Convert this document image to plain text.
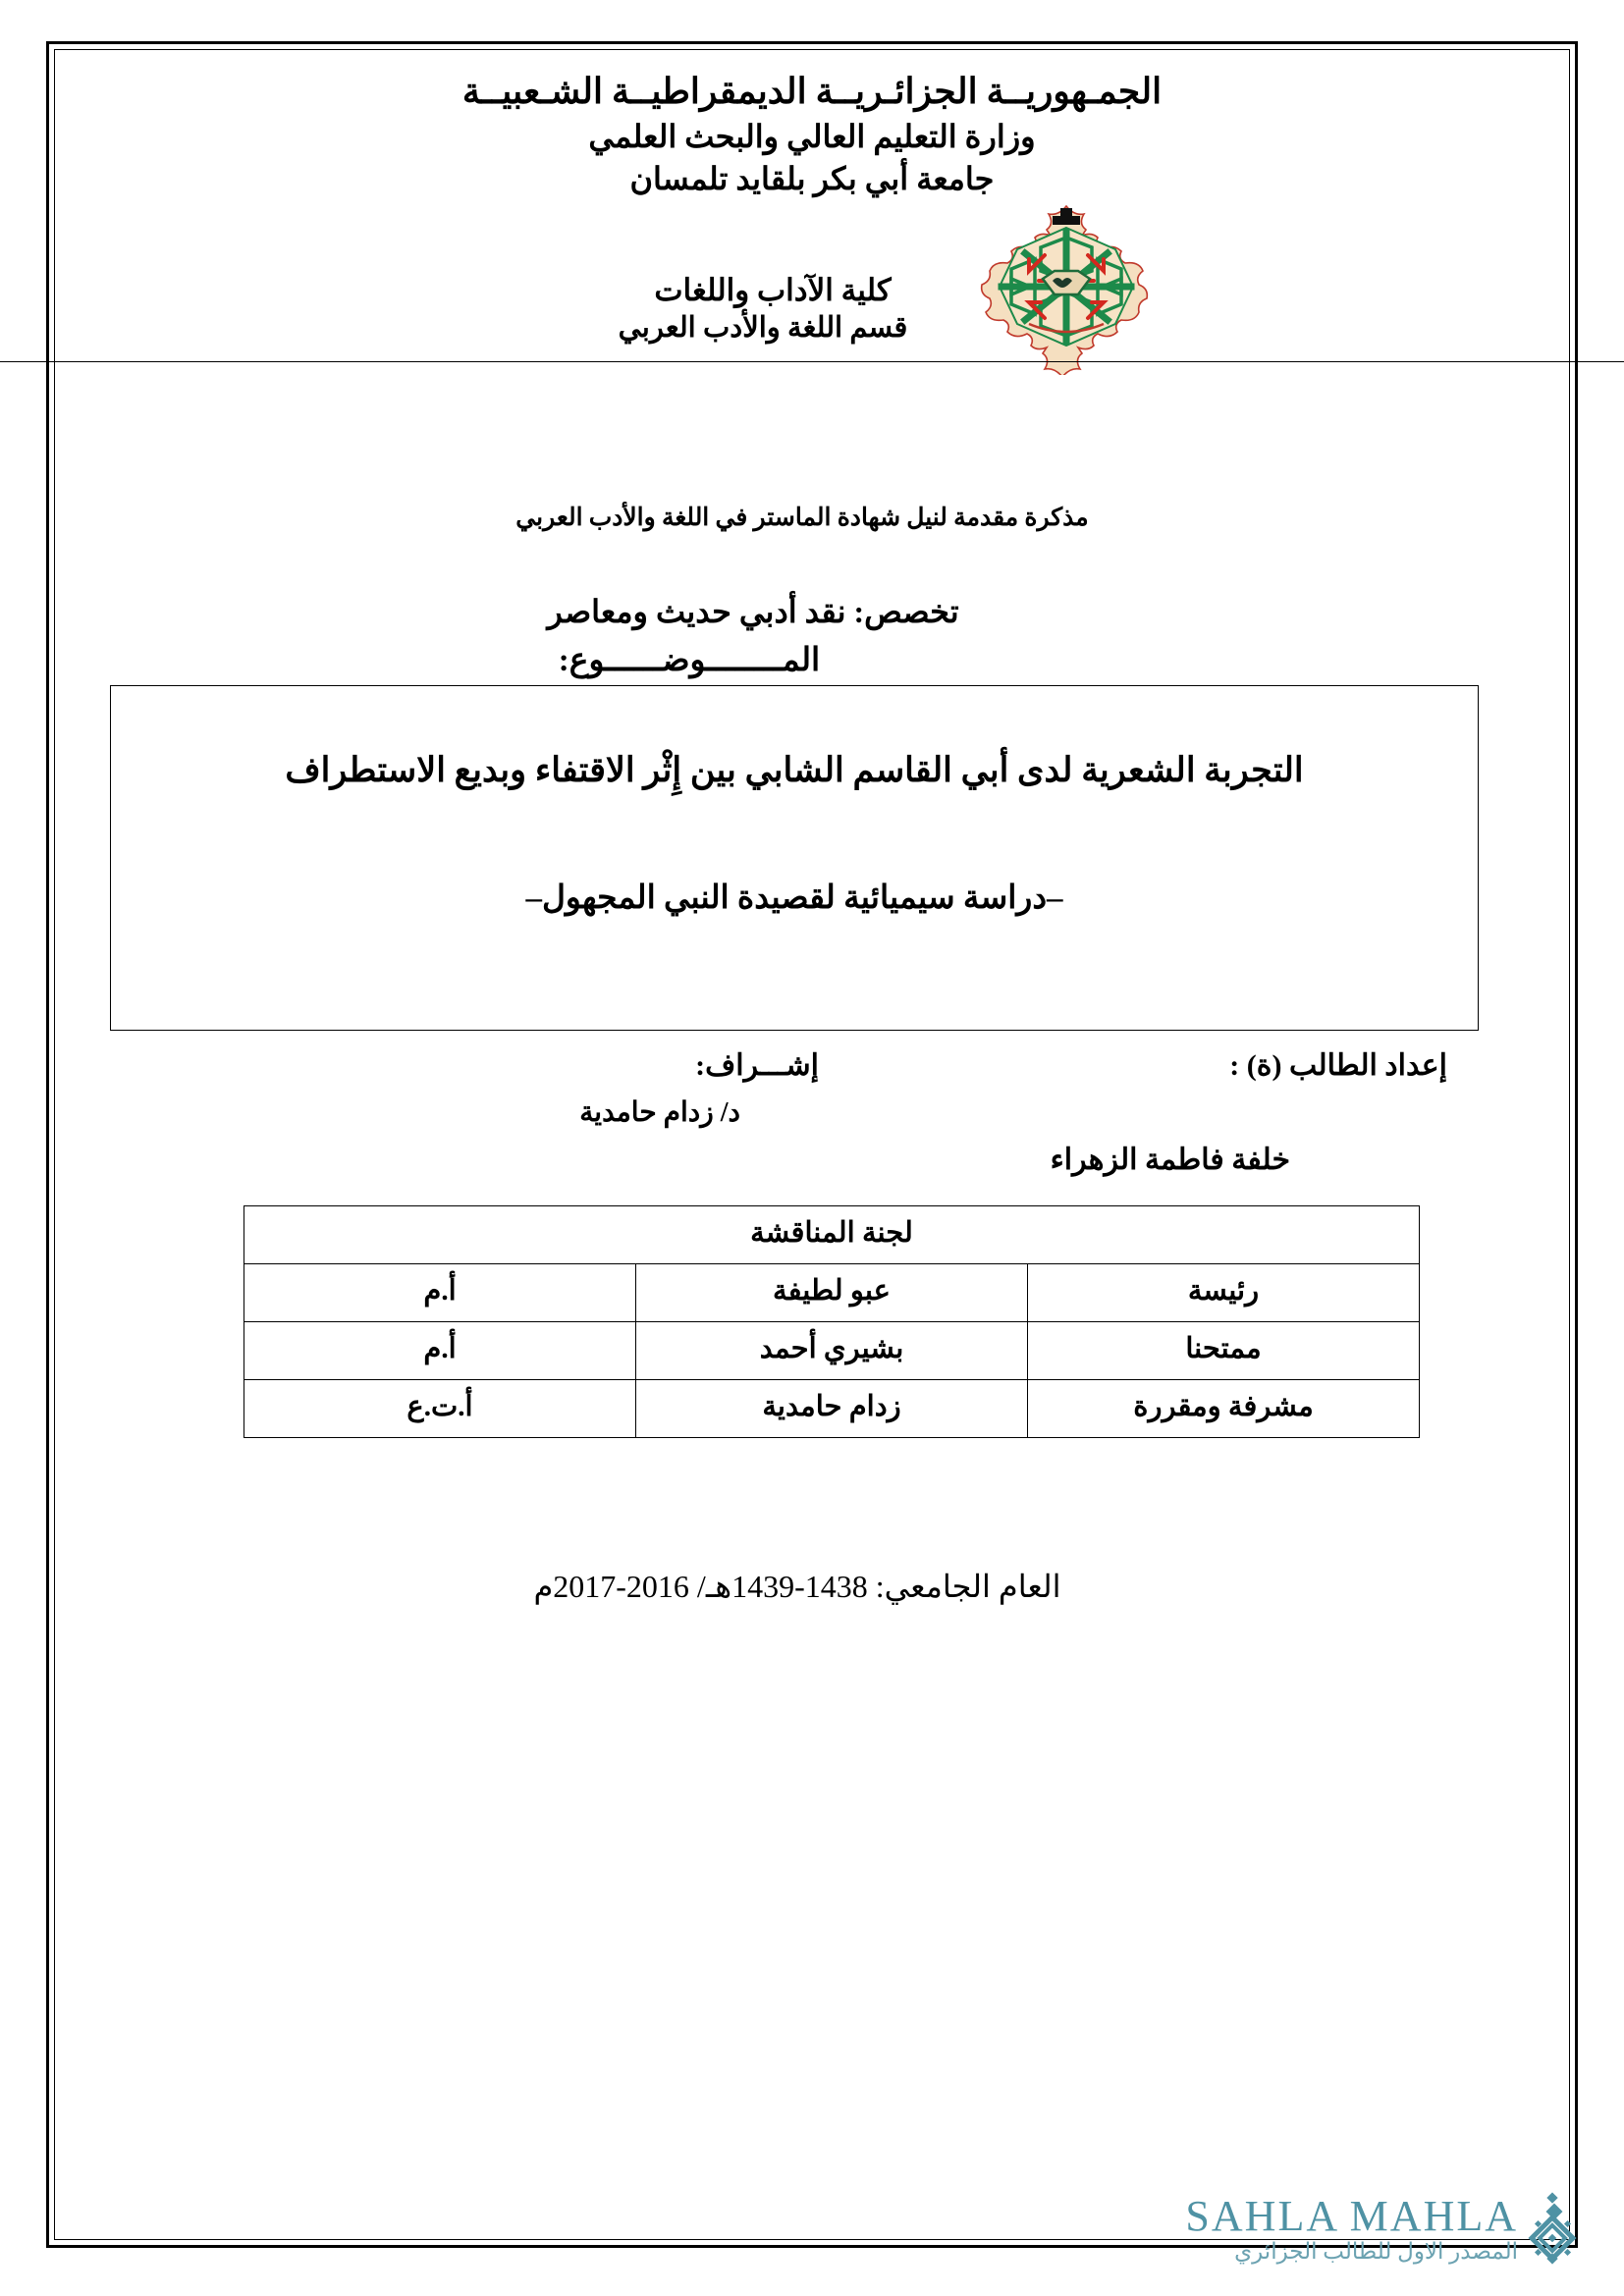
الجمـهوريــة الجزائـريــة الديمقراطيــة الشـعبيــة
وزارة التعليم العالي والبحث العلمي
جامعة أبي بكر بلقايد تلمسان
كلية الآداب واللغات
قسم اللغة والأدب العربي
مذكرة مقدمة لنيل شهادة الماستر في اللغة والأدب العربي
تخصص: نقد أدبي حديث ومعاصر
المــــــــوضــــــوع:
التجربة الشعرية لدى أبي القاسم الشابي بين إِثْر الاقتفاء وبديع الاستطراف
–دراسة سيميائية لقصيدة النبي المجهول–
إعداد الطالب (ة) :
إشـــراف:
د/ زدام حامدية
خلفة فاطمة الزهراء
لجنة المناقشة		
رئيسة	عبو لطيفة	أ.م
ممتحنا	بشيري أحمد	أ.م
مشرفة ومقررة	زدام حامدية	أ.ت.ع
العام الجامعي: 1438-1439هـ/ 2016-2017م
SAHLA MAHLA
المصدر الاول للطالب الجزائري
